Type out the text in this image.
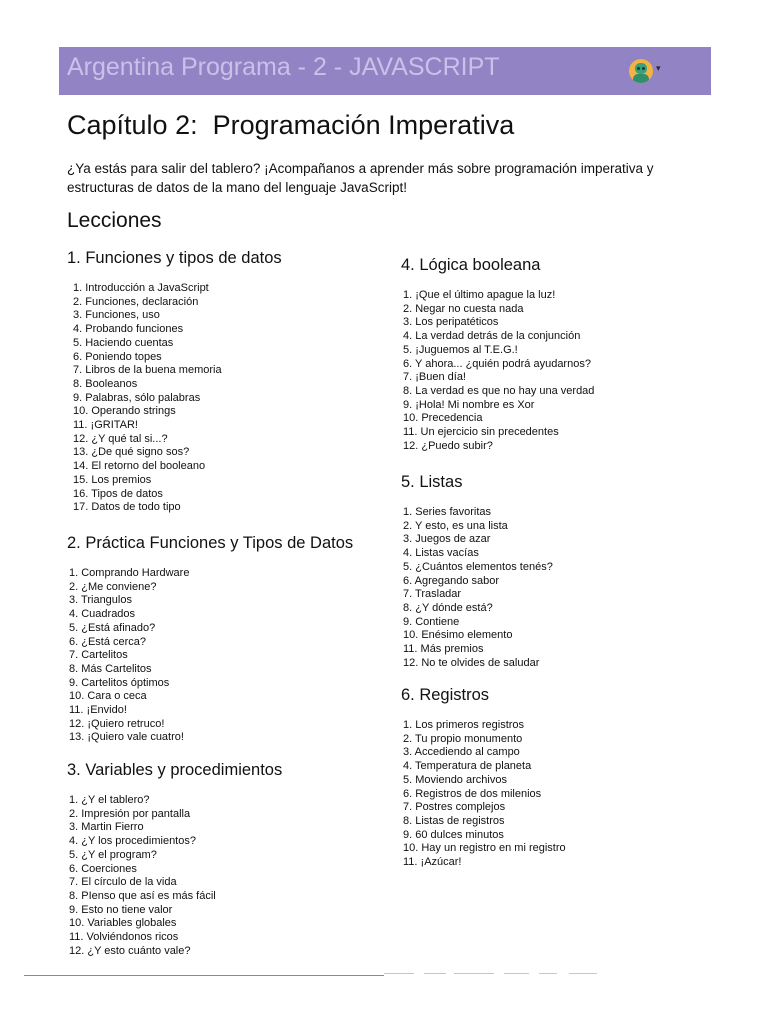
Argentina Programa - 2 - JAVASCRIPT	▾
Capítulo 2:  Programación Imperativa

¿Ya estás para salir del tablero? ¡Acompañanos a aprender más sobre programación imperativa y estructuras de datos de la mano del lenguaje JavaScript!

Lecciones
1. Funciones y tipos de datos
1. Introducción a JavaScript
2. Funciones, declaración
3. Funciones, uso
4. Probando funciones
5. Haciendo cuentas
6. Poniendo topes
7. Libros de la buena memoria
8. Booleanos
9. Palabras, sólo palabras
10. Operando strings
11. ¡GRITAR!
12. ¿Y qué tal si...?
13. ¿De qué signo sos?
14. El retorno del booleano
15. Los premios
16. Tipos de datos
17. Datos de todo tipo
2. Práctica Funciones y Tipos de Datos
1. Comprando Hardware
2. ¿Me conviene?
3. Triangulos
4. Cuadrados
5. ¿Está afinado?
6. ¿Está cerca?
7. Cartelitos
8. Más Cartelitos
9. Cartelitos óptimos
10. Cara o ceca
11. ¡Envido!
12. ¡Quiero retruco!
13. ¡Quiero vale cuatro!
3. Variables y procedimientos
1. ¿Y el tablero?
2. Impresión por pantalla
3. Martin Fierro
4. ¿Y los procedimientos?
5. ¿Y el program?
6. Coerciones
7. El círculo de la vida
8. PIenso que así es más fácil
9. Esto no tiene valor
10. Variables globales
11. Volviéndonos ricos
12. ¿Y esto cuánto vale?
4. Lógica booleana
1. ¡Que el último apague la luz!
2. Negar no cuesta nada
3. Los peripatéticos
4. La verdad detrás de la conjunción
5. ¡Juguemos al T.E.G.!
6. Y ahora... ¿quién podrá ayudarnos?
7. ¡Buen día!
8. La verdad es que no hay una verdad
9. ¡Hola! Mi nombre es Xor
10. Precedencia
11. Un ejercicio sin precedentes
12. ¿Puedo subir?
5. Listas
1. Series favoritas
2. Y esto, es una lista
3. Juegos de azar
4. Listas vacías
5. ¿Cuántos elementos tenés?
6. Agregando sabor
7. Trasladar
8. ¿Y dónde está?
9. Contiene
10. Enésimo elemento
11. Más premios
12. No te olvides de saludar
6. Registros
1. Los primeros registros
2. Tu propio monumento
3. Accediendo al campo
4. Temperatura de planeta
5. Moviendo archivos
6. Registros de dos milenios
7. Postres complejos
8. Listas de registros
9. 60 dulces minutos
10. Hay un registro en mi registro
11. ¡Azúcar!
